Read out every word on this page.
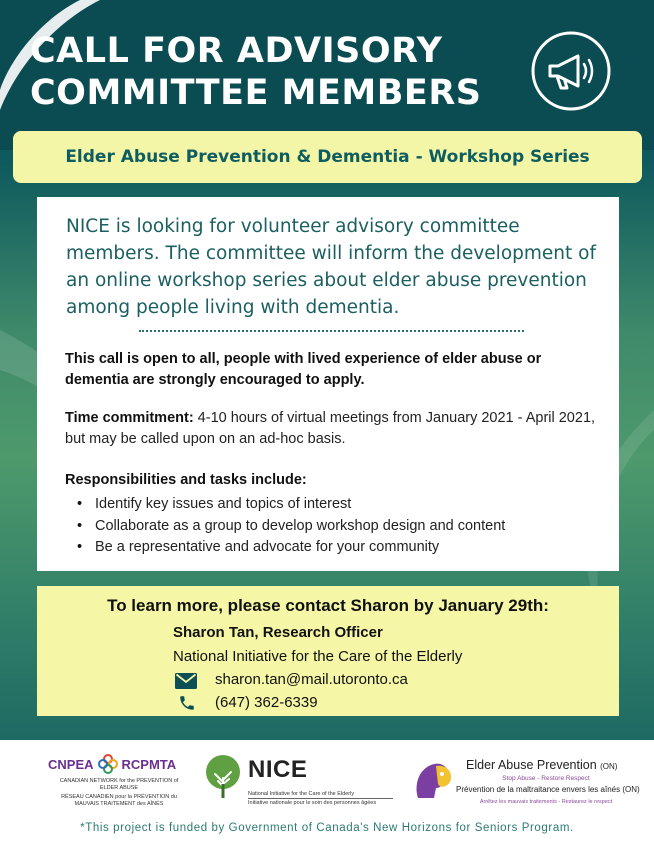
CALL FOR ADVISORY
COMMITTEE MEMBERS
Elder Abuse Prevention & Dementia - Workshop Series
NICE is looking for volunteer advisory committee members. The committee will inform the development of an online workshop series about elder abuse prevention among people living with dementia.
This call is open to all, people with lived experience of elder abuse or dementia are strongly encouraged to apply.
Time commitment: 4-10 hours of virtual meetings from January 2021 - April 2021, but may be called upon on an ad-hoc basis.
Responsibilities and tasks include:
• Identify key issues and topics of interest
• Collaborate as a group to develop workshop design and content
• Be a representative and advocate for your community
To learn more, please contact Sharon by January 29th:
Sharon Tan, Research Officer
National Initiative for the Care of the Elderly
sharon.tan@mail.utoronto.ca
(647) 362-6339
CNPEA RCPMTA
CANADIAN NETWORK for the PREVENTION of ELDER ABUSE
RÉSEAU CANADIEN pour la PRÉVENTION du MAUVAIS TRAITEMENT des AÎNÉS
NICE
National Initiative for the Care of the Elderly
Initiative nationale pour le soin des personnes âgées
Elder Abuse Prevention (ON)
Stop Abuse - Restore Respect
Prévention de la maltraitance envers les aînés (ON)
Arrêtez les mauvais traitements - Restaurez le respect
*This project is funded by Government of Canada's New Horizons for Seniors Program.
